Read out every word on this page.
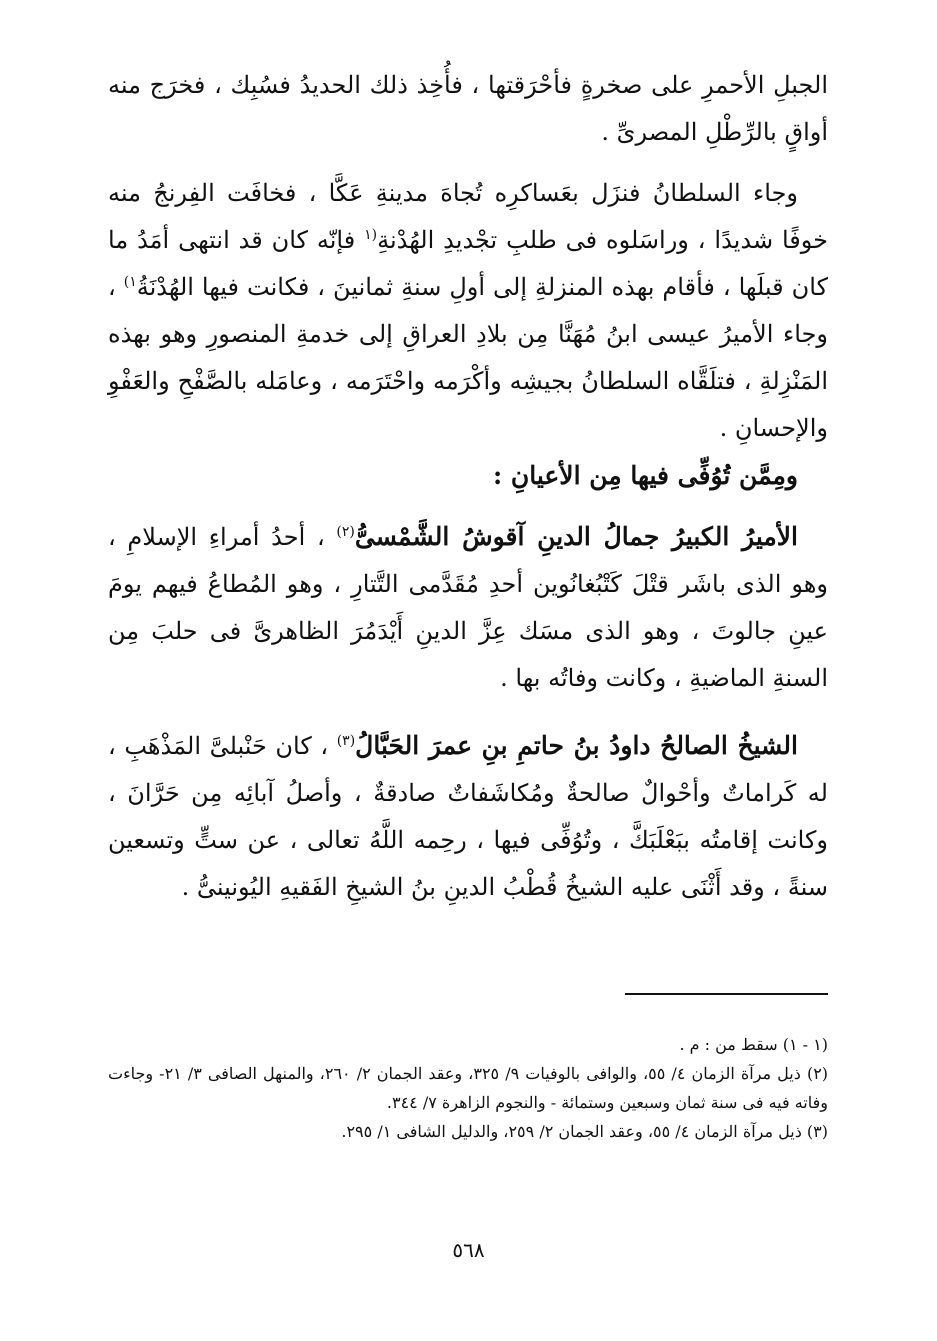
الجبلِ الأحمرِ على صخرةٍ فأحْرَقتها ، فأُخِذ ذلك الحديدُ فسُبِك ، فخرَج منه أواقٍ بالرِّطْلِ المصرىِّ .

وجاء السلطانُ فنزَل بعَساكرِه تُجاهَ مدينةِ عَكَّا ، فخافَت الفِرنجُ منه خوفًا شديدًا ، وراسَلوه فى طلبِ تجْديدِ الهُدْنةِ$^{(١}$ فإنّه كان قد انتهى أمَدُ ما كان قبلَها ، فأقام بهذه المنزلةِ إلى أولِ سنةِ ثمانينَ ، فكانت فيها الهُدْنَةُ$^{١)}$ ، وجاء الأميرُ عيسى ابنُ مُهَنَّا مِن بلادِ العراقِ إلى خدمةِ المنصورِ وهو بهذه المَنْزِلةِ ، فتلَقَّاه السلطانُ بجيشِه وأكْرَمه واحْتَرَمه ، وعامَله بالصَّفْحِ والعَفْوِ والإحسانِ .

ومِمَّن تُوُفِّى فيها مِن الأعيانِ :

الأميرُ الكبيرُ جمالُ الدينِ آقوشُ الشَّمْسىُّ$^{(٢)}$ ، أحدُ أمراءِ الإسلامِ ، وهو الذى باشَر قتْلَ كَتْبُغانُوين أحدِ مُقَدَّمى التَّتارِ ، وهو المُطاعُ فيهم يومَ عينِ جالوتَ ، وهو الذى مسَك عِزَّ الدينِ أَيْدَمُرَ الظاهرىَّ فى حلبَ مِن السنةِ الماضيةِ ، وكانت وفاتُه بها .

الشيخُ الصالحُ داودُ بنُ حاتمِ بنِ عمرَ الحَبَّالُ$^{(٣)}$ ، كان حَنْبلىَّ المَذْهَبِ ، له كَراماتٌ وأحْوالٌ صالحةٌ ومُكاشَفاتٌ صادقةٌ ، وأصلُ آبائِه مِن حَرَّانَ ، وكانت إقامتُه ببَعْلَبَكَّ ، وتُوُفِّى فيها ، رحِمه اللَّهُ تعالى ، عن ستٍّ وتسعين سنةً ، وقد أَثْنَى عليه الشيخُ قُطْبُ الدينِ بنُ الشيخِ الفَقيهِ اليُونينىُّ .

(١ - ١) سقط من : م .

(٢) ذيل مرآة الزمان ٤/ ٥٥، والوافى بالوفيات ٩/ ٣٢٥، وعقد الجمان ٢/ ٢٦٠، والمنهل الصافى ٣/ ٢١- وجاءت وفاته فيه فى سنة ثمان وسبعين وستمائة - والنجوم الزاهرة ٧/ ٣٤٤.

(٣) ذيل مرآة الزمان ٤/ ٥٥، وعقد الجمان ٢/ ٢٥٩، والدليل الشافى ١/ ٢٩٥.

٥٦٨
